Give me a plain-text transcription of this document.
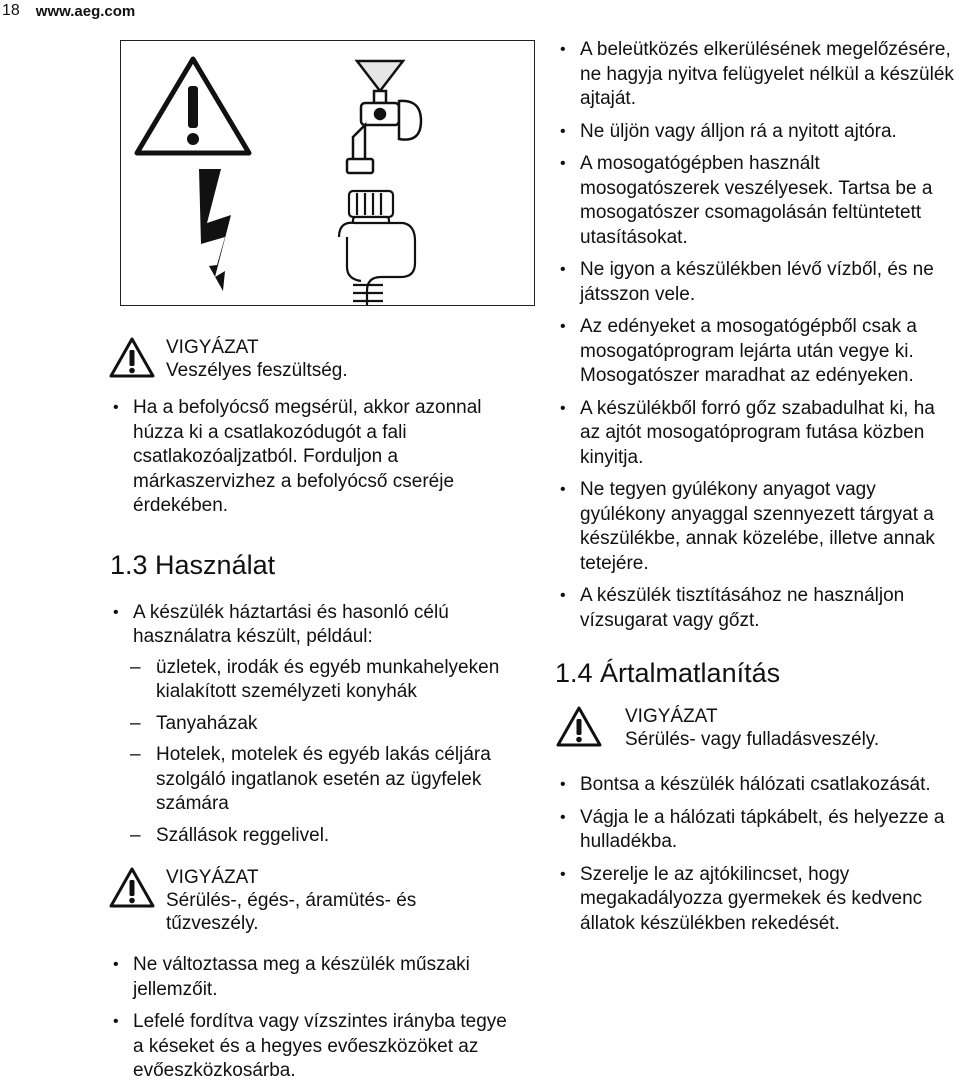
18	www.aeg.com
VIGYÁZAT
Veszélyes feszültség.
• Ha a befolyócső megsérül, akkor azonnal húzza ki a csatlakozódugót a fali csatlakozóaljzatból. Forduljon a márkaszervizhez a befolyócső cseréje érdekében.
1.3 Használat
• A készülék háztartási és hasonló célú használatra készült, például:
– üzletek, irodák és egyéb munkahelyeken kialakított személyzeti konyhák
– Tanyaházak
– Hotelek, motelek és egyéb lakás céljára szolgáló ingatlanok esetén az ügyfelek számára
– Szállások reggelivel.
VIGYÁZAT
Sérülés-, égés-, áramütés- és tűzveszély.
• Ne változtassa meg a készülék műszaki jellemzőit.
• Lefelé fordítva vagy vízszintes irányba tegye a késeket és a hegyes evőeszközöket az evőeszközkosárba.
• A beleütközés elkerülésének megelőzésére, ne hagyja nyitva felügyelet nélkül a készülék ajtaját.
• Ne üljön vagy álljon rá a nyitott ajtóra.
• A mosogatógépben használt mosogatószerek veszélyesek. Tartsa be a mosogatószer csomagolásán feltüntetett utasításokat.
• Ne igyon a készülékben lévő vízből, és ne játsszon vele.
• Az edényeket a mosogatógépből csak a mosogatóprogram lejárta után vegye ki. Mosogatószer maradhat az edényeken.
• A készülékből forró gőz szabadulhat ki, ha az ajtót mosogatóprogram futása közben kinyitja.
• Ne tegyen gyúlékony anyagot vagy gyúlékony anyaggal szennyezett tárgyat a készülékbe, annak közelébe, illetve annak tetejére.
• A készülék tisztításához ne használjon vízsugarat vagy gőzt.
1.4 Ártalmatlanítás
VIGYÁZAT
Sérülés- vagy fulladásveszély.
• Bontsa a készülék hálózati csatlakozását.
• Vágja le a hálózati tápkábelt, és helyezze a hulladékba.
• Szerelje le az ajtókilincset, hogy megakadályozza gyermekek és kedvenc állatok készülékben rekedését.
